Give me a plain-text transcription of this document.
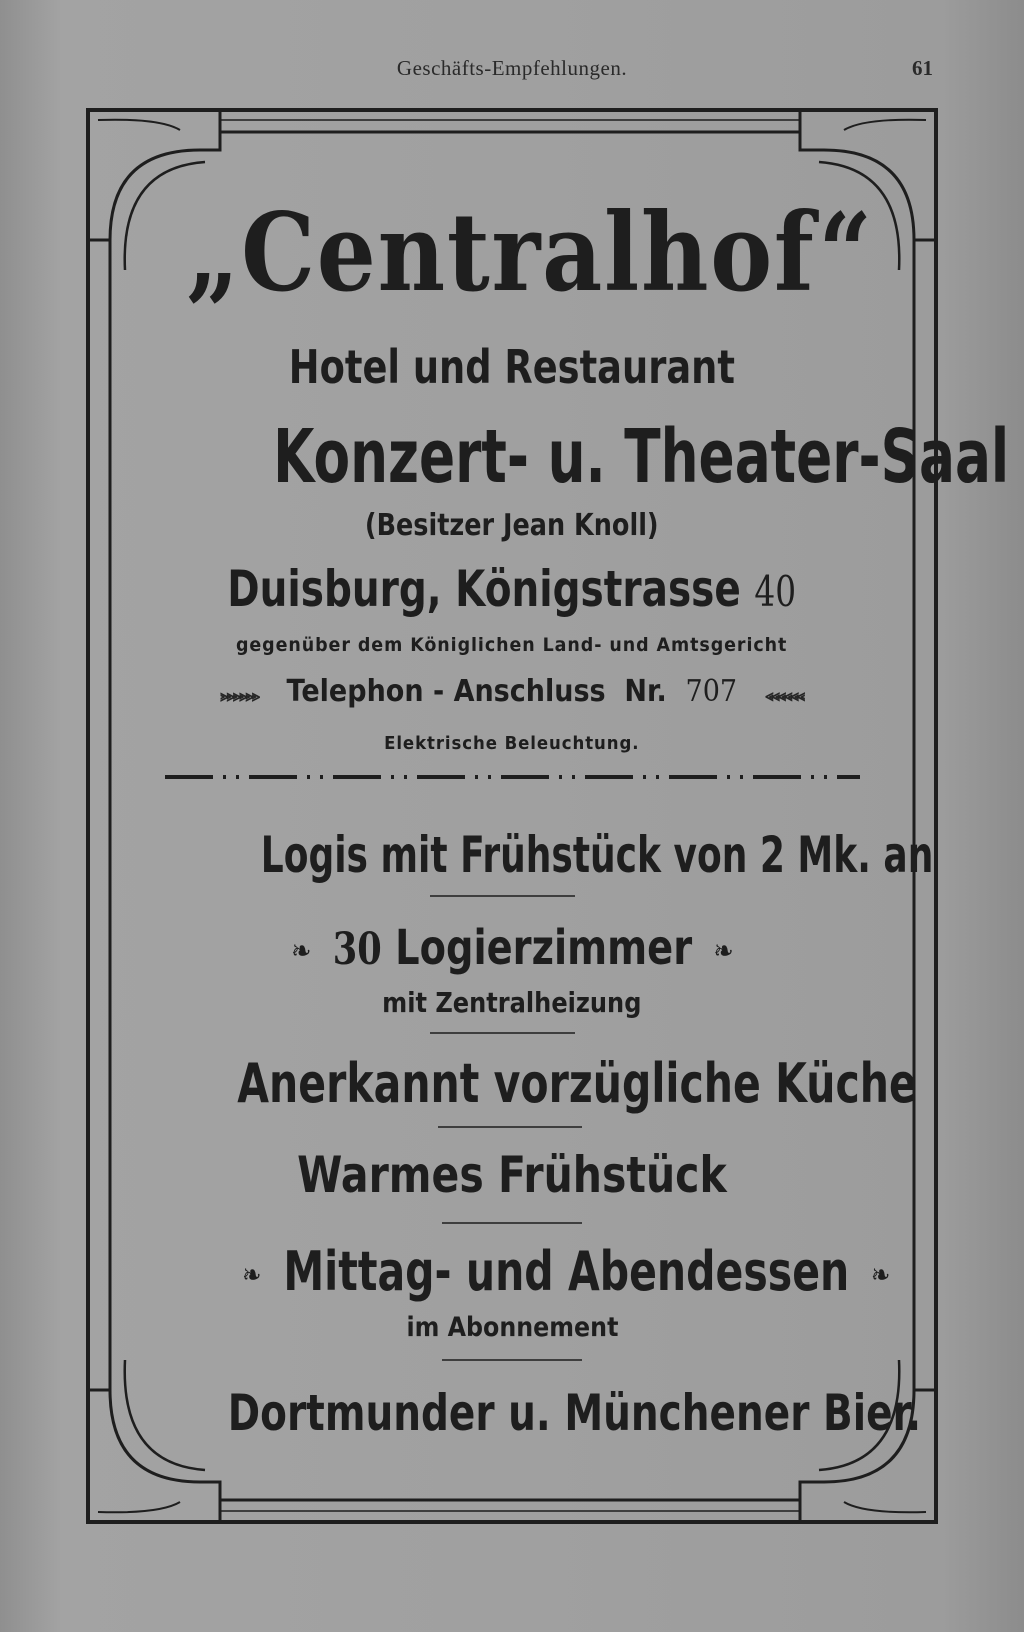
Geschäfts-Empfehlungen.	61
„Centralhof“
Hotel und Restaurant
Konzert- u. Theater-Saal
(Besitzer Jean Knoll)
Duisburg, Königstrasse 40
gegenüber dem Königlichen Land- und Amtsgericht
⪢⪢⪢⪢⪢⪢ Telephon - Anschluss Nr. 707 ⪡⪡⪡⪡⪡⪡
Elektrische Beleuchtung.
Logis mit Frühstück von 2 Mk. an
❧ 30 Logierzimmer ❧
mit Zentralheizung
Anerkannt vorzügliche Küche
Warmes Frühstück
❧ Mittag- und Abendessen ❧
im Abonnement
Dortmunder u. Münchener Bier.
